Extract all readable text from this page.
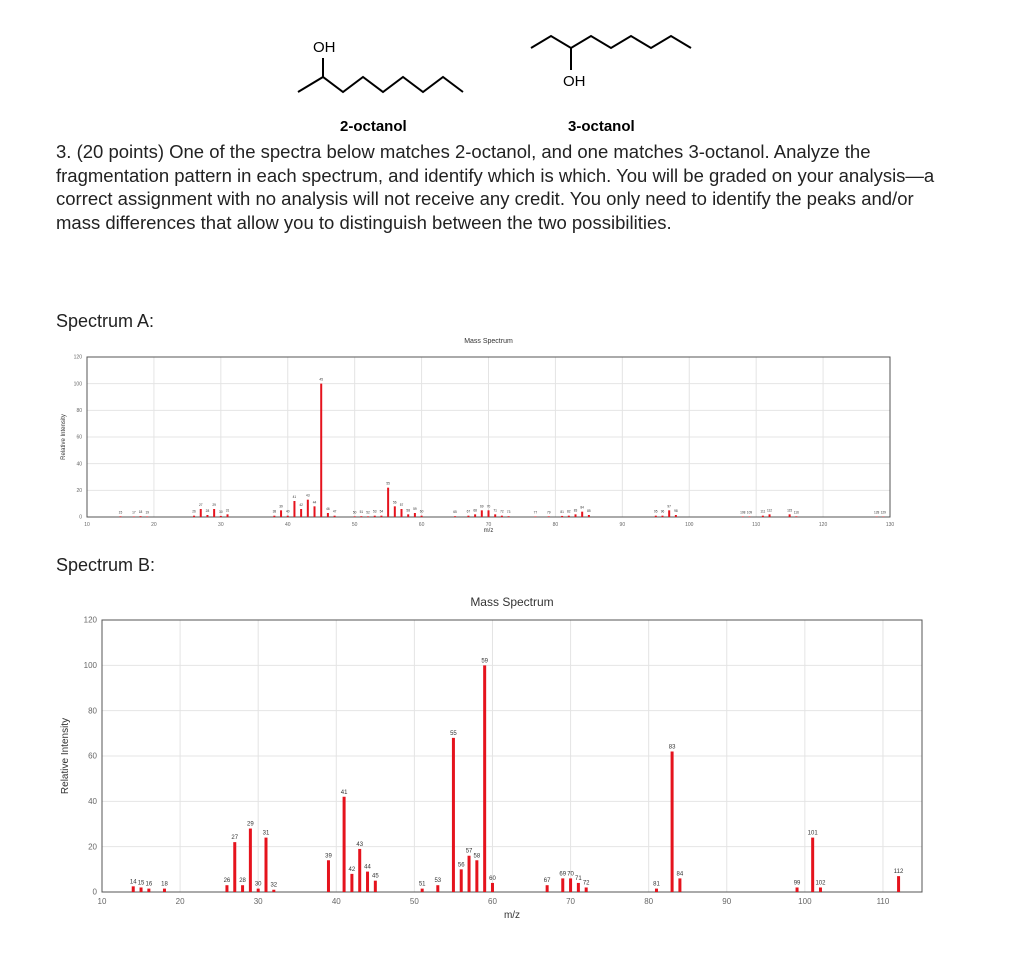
OH
OH
2-octanol	3-octanol

3. (20 points) One of the spectra below matches 2-octanol, and one matches 3-octanol. Analyze the fragmentation pattern in each spectrum, and identify which is which. You will be graded on your analysis—a correct assignment with no analysis will not receive any credit. You only need to identify the peaks and/or mass differences that allow you to distinguish between the two possibilities.

Spectrum A:
Spectrum B:
Mass Spectrum
0
20
40
60
80
100
120
10	20	30	40	50	60	70	80	90	100	110	120	130
m/z
Relative Intensity
15	17 18 19	26
27
28
29
30 31	38
39
40
41
42
43
44
45
46
47	50 51 52 53 54
55
56
57
58 59
60	65	67 68
69 70
71 72 73	77	79	81 82 83
84
85	95 96
97
98	108 109	111 112	115 116	128 129
Mass Spectrum
0
20
40
60
80
100
120
10	20	30	40	50	60	70	80	90	100	110
m/z
Relative Intensity
14 15 16 18
26
27
28
29
30
31
32
39
41
42
43
44
45
51
53
55
56
57
58
59
60	67
69 70
71
72	81
83
84
99
101
102
112
